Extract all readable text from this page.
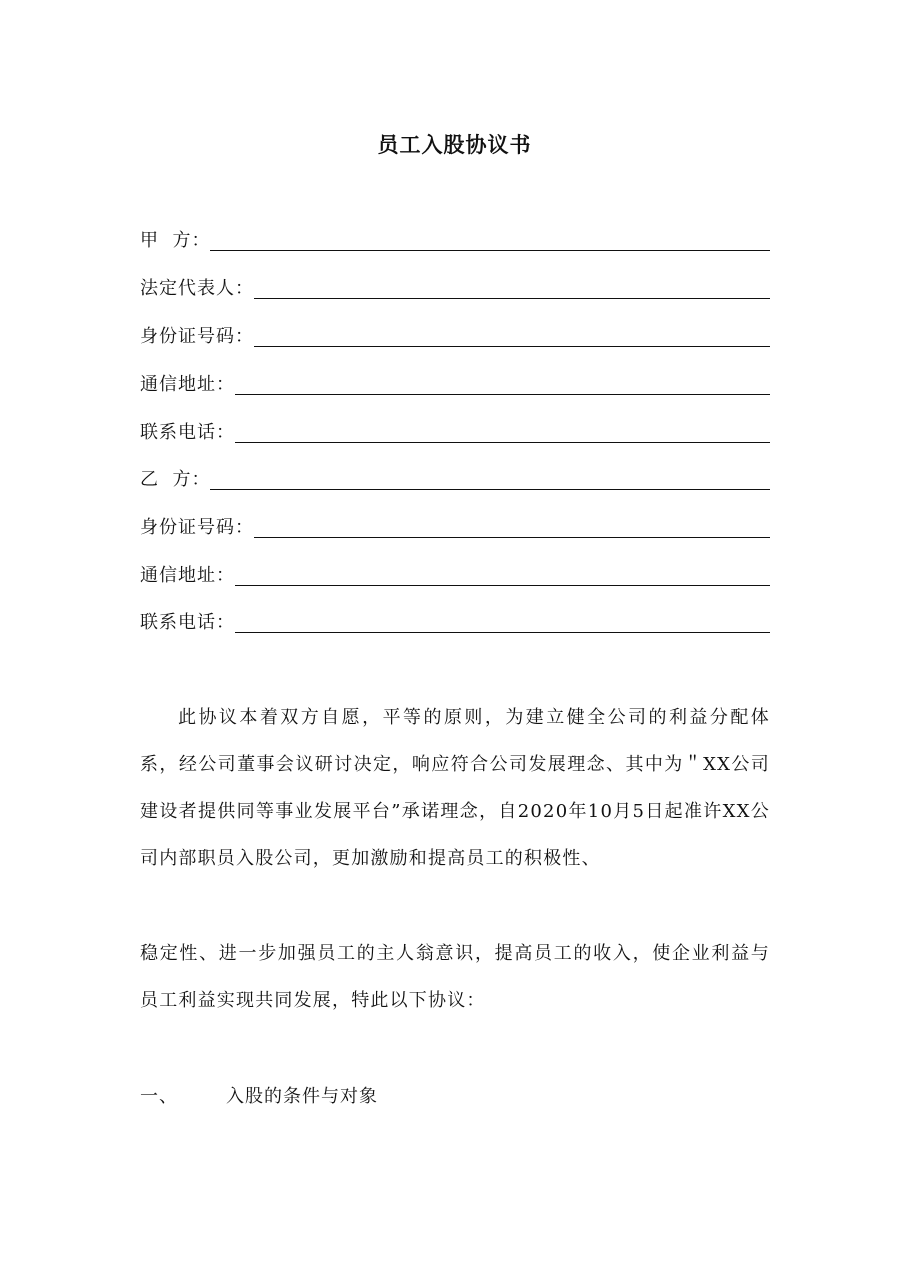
员工入股协议书
甲  方：
法定代表人：
身份证号码：
通信地址：
联系电话：
乙  方：
身份证号码：
通信地址：
联系电话：
此协议本着双方自愿，平等的原则，为建立健全公司的利益分配体系，经公司董事会议研讨决定，响应符合公司发展理念、其中为＂XX公司建设者提供同等事业发展平台”承诺理念，自2020年10月5日起准许XX公司内部职员入股公司，更加激励和提高员工的积极性、
稳定性、进一步加强员工的主人翁意识，提高员工的收入，使企业利益与员工利益实现共同发展，特此以下协议：
一、	入股的条件与对象
